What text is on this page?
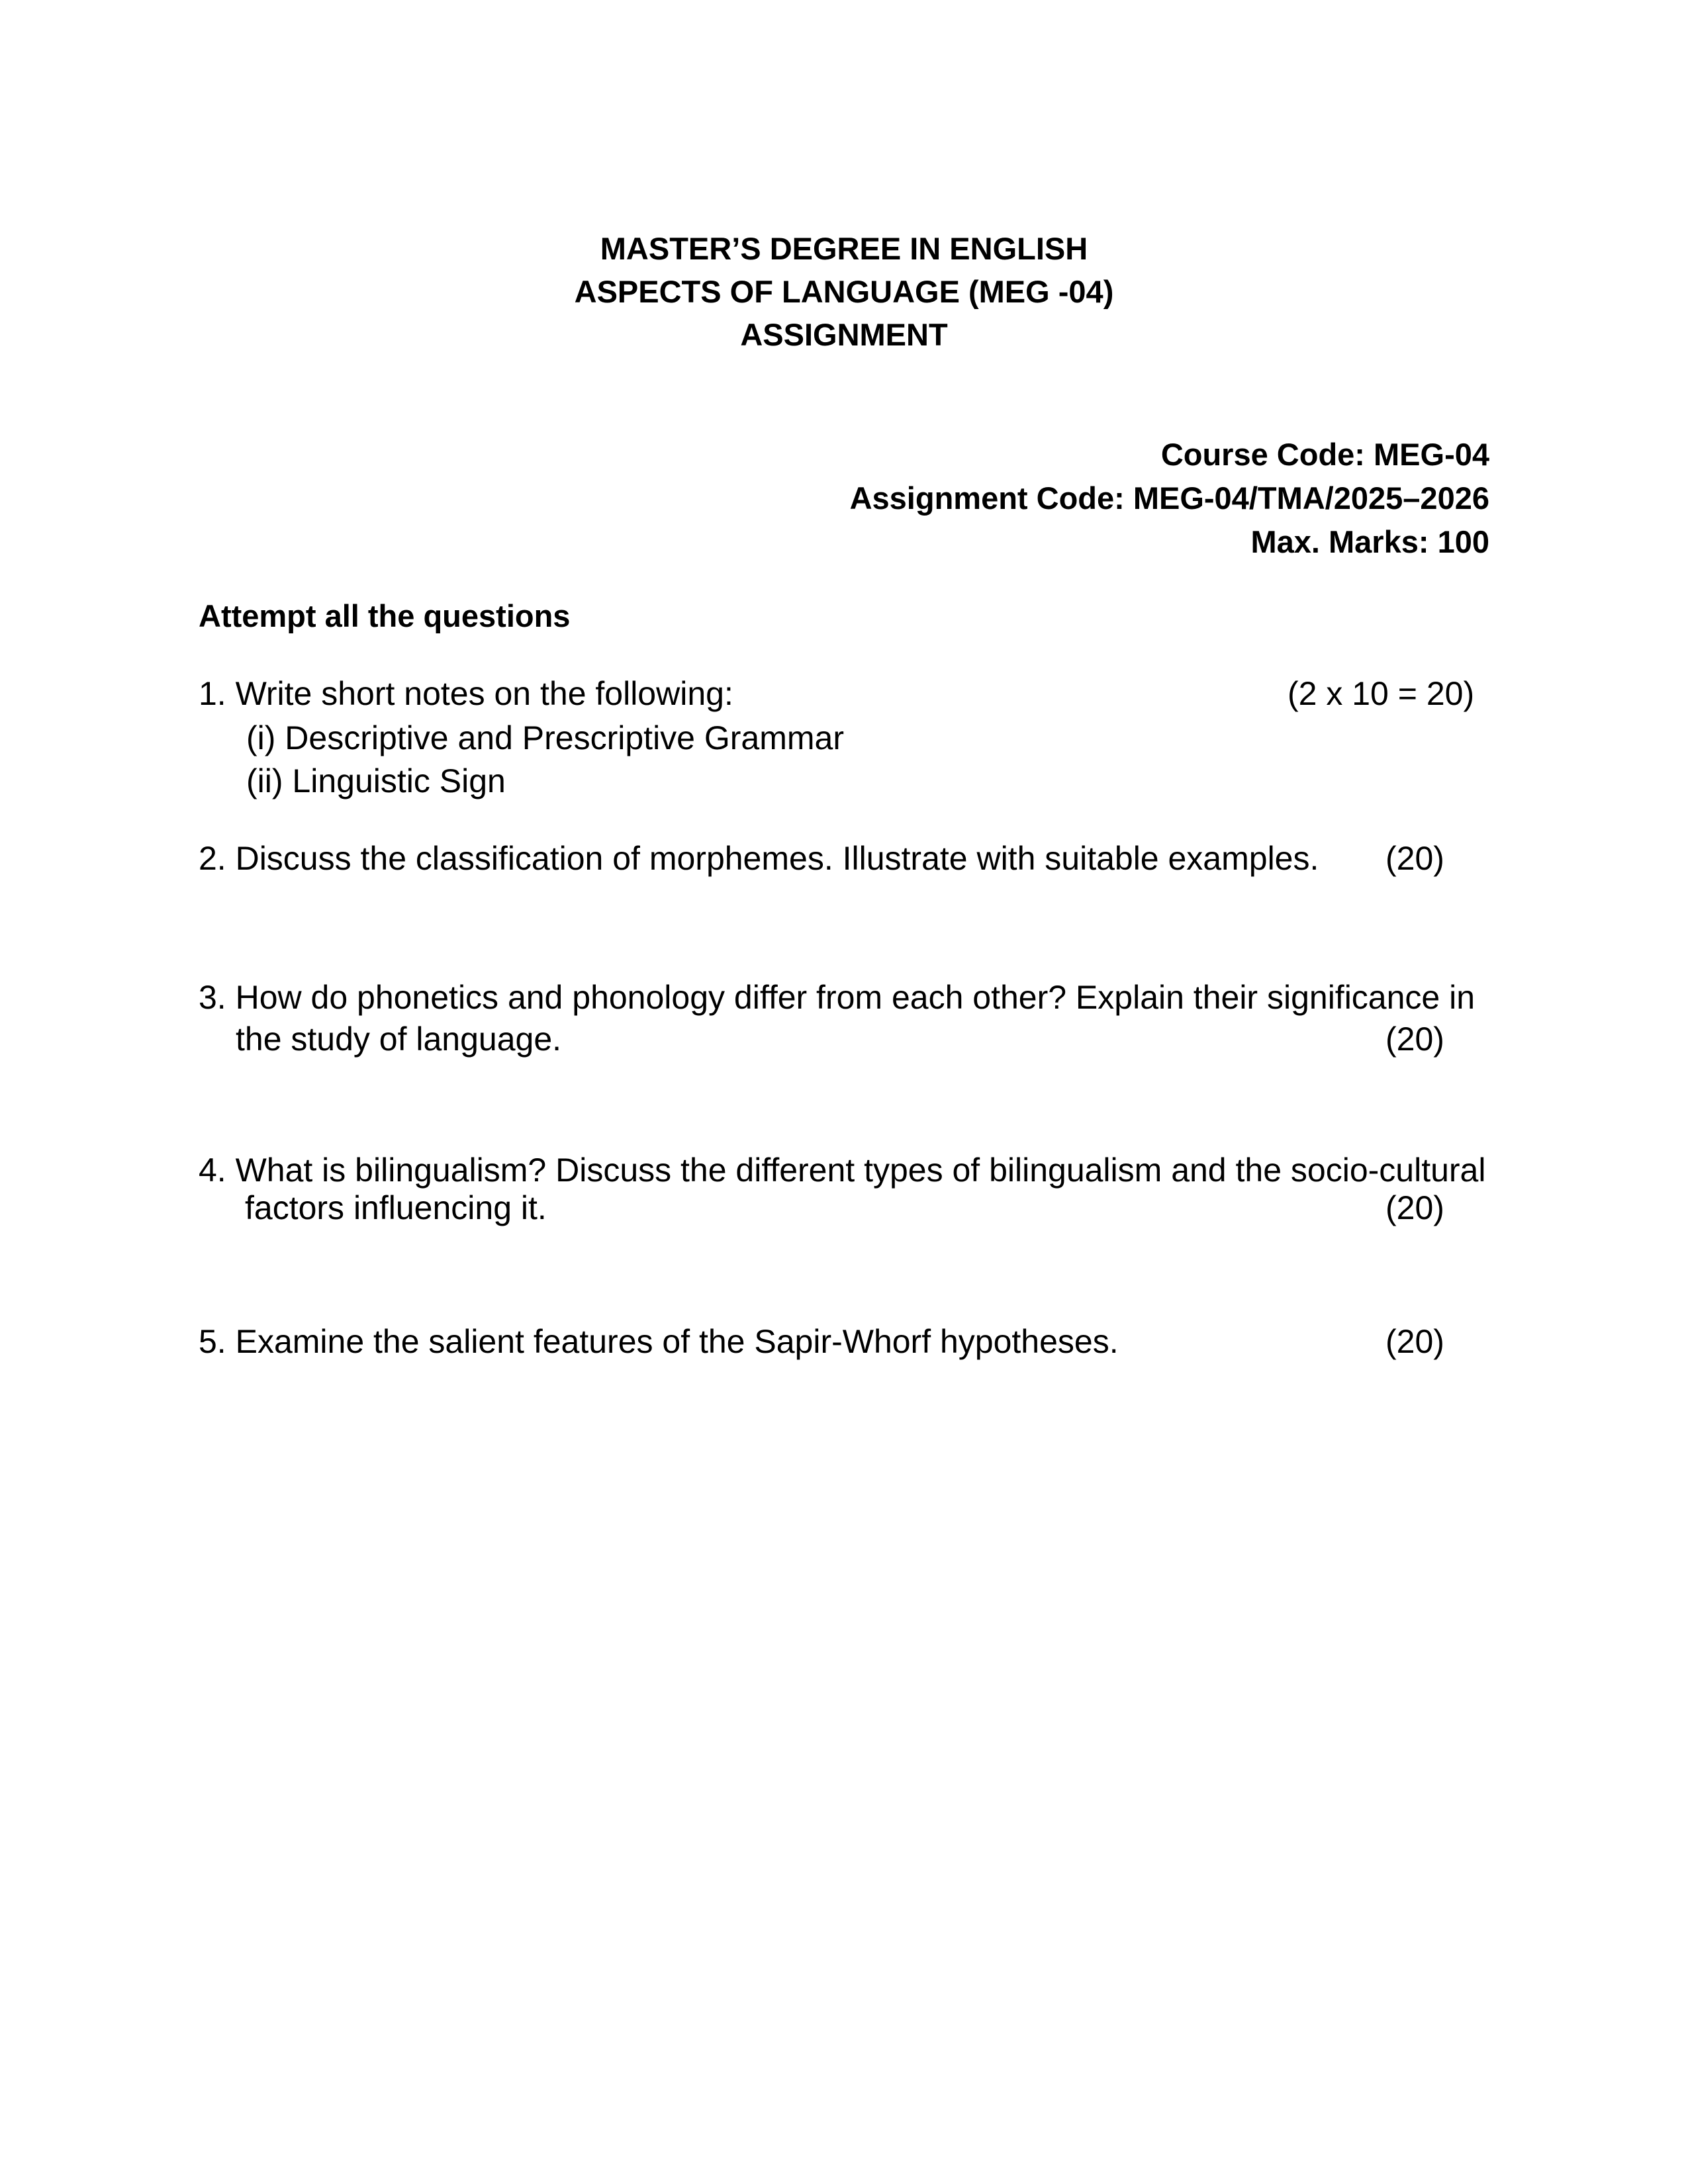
MASTER’S DEGREE IN ENGLISH
ASPECTS OF LANGUAGE (MEG -04)
ASSIGNMENT
Course Code: MEG-04
Assignment Code: MEG-04/TMA/2025–2026
Max. Marks: 100
Attempt all the questions
1. Write short notes on the following:	(2 x 10 = 20)
(i) Descriptive and Prescriptive Grammar
(ii) Linguistic Sign
2. Discuss the classification of morphemes. Illustrate with suitable examples. (20)
3. How do phonetics and phonology differ from each other? Explain their significance in
the study of language.	(20)
4. What is bilingualism? Discuss the different types of bilingualism and the socio-cultural
factors influencing it.	(20)
5. Examine the salient features of the Sapir-Whorf hypotheses.	(20)
